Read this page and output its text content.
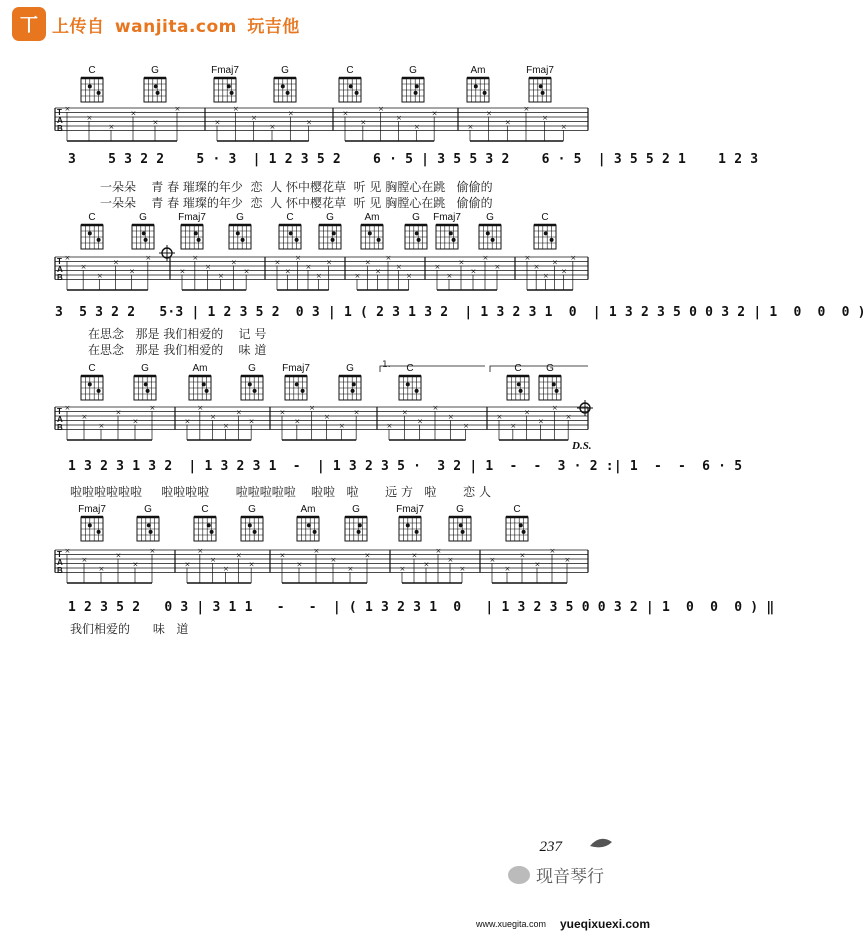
丅 上传自 wanjita.com 玩吉他
T
A
B
×
×
×
×
×
×
×
×
×
×
×
×
×
×
×
×
×
×
×
×
×
×
×
×
T
A
B
×
×
×
×
×
×
×
×
×
×
×
×
×
×
×
×
×
×
×
×
×
×
×
×
×
×
×
×
×
×
×
×
×
×
×
×
T
A
B
×
×
×
×
×
×
×
×
×
×
×
×
×
×
×
×
×
×
×
×
×
×
×
×
×
×
×
×
×
×
T
A
B
×
×
×
×
×
×
×
×
×
×
×
×
×
×
×
×
×
×
×
×
×
×
×
×
×
×
×
×
×
×
3    5 3 2 2    5 · 3  | 1 2 3 5 2    6 · 5 | 3 5 5 3 2    6 · 5  | 3 5 5 2 1    1 2 3
一朵朵    青 春 璀璨的年少  恋  人 怀中樱花草  听 见 胸膛心在跳   偷偷的
一朵朵    青 春 璀璨的年少  恋  人 怀中樱花草  听 见 胸膛心在跳   偷偷的
3  5 3 2 2   5·3 | 1 2 3 5 2  0 3 | 1 ( 2 3 1 3 2  | 1 3 2 3 1  0  | 1 3 2 3 5 0 0 3 2 | 1  0  0  0 )
在思念   那是 我们相爱的    记 号
在思念   那是 我们相爱的    味 道
1 3 2 3 1 3 2  | 1 3 2 3 1  -  | 1 3 2 3 5 ·  3 2 | 1  -  -  3 · 2 :| 1  -  -  6 · 5
啦啦啦啦啦啦     啦啦啦啦       啦啦啦啦啦    啦啦   啦       远 方   啦       恋 人
D.S.
1.
1 2 3 5 2   0 3 | 3 1 1   -   -  | ( 1 3 2 3 1  0   | 1 3 2 3 5 0 0 3 2 | 1  0  0  0 ) ‖
我们相爱的      味   道
C	G	Fmaj7	G	C	G	Am	Fmaj7
C	G	Fmaj7	G	C	G	Am	G Fmaj7	G	C
C	G	Am	G	Fmaj7	G	C	C G
Fmaj7	G	C	G	Am	G	Fmaj7	G	C
237
现音琴行
www.xuegita.com yueqixuexi.com
